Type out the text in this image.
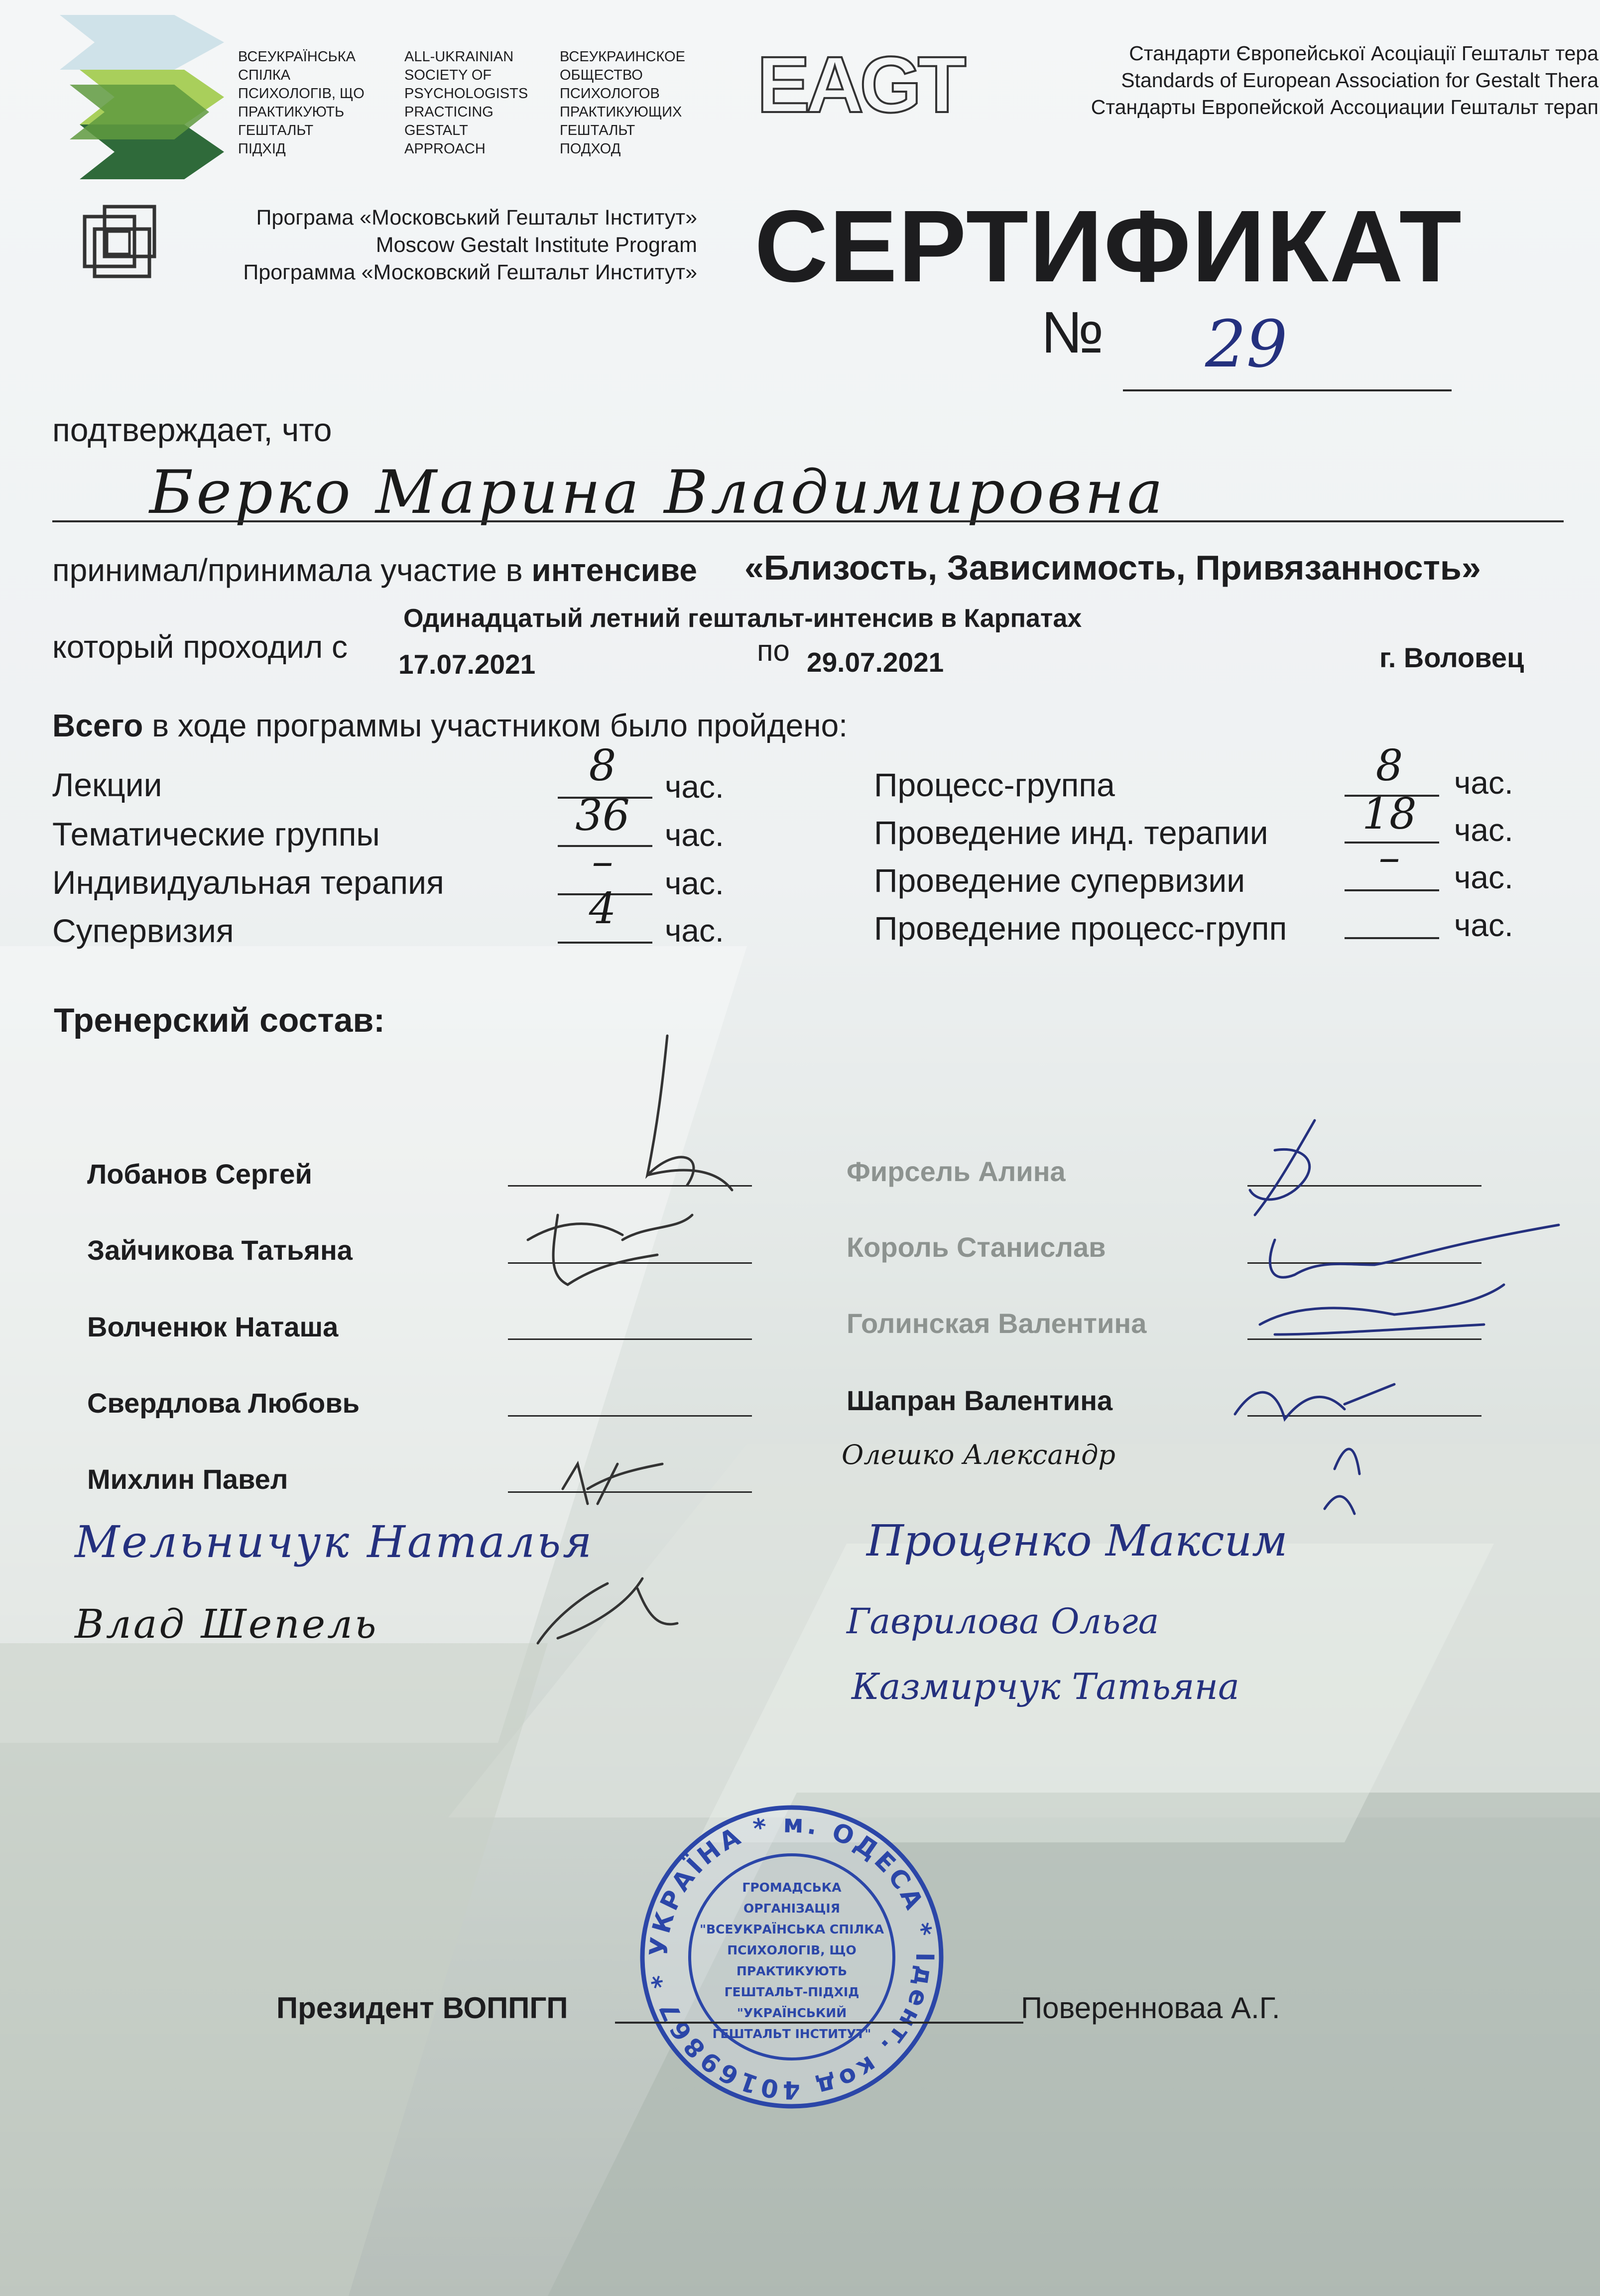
ВСЕУКРАЇНСЬКА
СПІЛКА
ПСИХОЛОГІВ, ЩО
ПРАКТИКУЮТЬ
ГЕШТАЛЬТ
ПІДХІД
ALL-UKRAINIAN
SOCIETY OF
PSYCHOLOGISTS
PRACTICING
GESTALT
APPROACH
ВСЕУКРАИНСКОЕ
ОБЩЕСТВО
ПСИХОЛОГОВ
ПРАКТИКУЮЩИХ
ГЕШТАЛЬТ
ПОДХОД
EAGT	Стандарти Європейської Асоціації Гештальт тера
Standards of European Association for Gestalt Thera
Стандарты Европейской Ассоциации Гештальт терап
Програма «Московський Гештальт Інститут»
Moscow Gestalt Institute Program
Программа «Московский Гештальт Институт» СЕРТИФИКАТ
№ 29
подтверждает, что
Берко Марина Владимировна
принимал/принимала участие в интенсиве «Близость, Зависимость, Привязанность»
Одинадцатый летний гештальт-интенсив в Карпатах
который проходил с 17.07.2021	по 29.07.2021	г. Воловец
Всего в ходе программы участником было пройдено:
Лекции	8	час.
Тематические группы	36	час.
Индивидуальная терапия	–	час.
Супервизия	4	час.
Процесс-группа	8	час.
Проведение инд. терапии	18	час.
Проведение супервизии	–	час.
Проведение процесс-групп	час.
Тренерский состав:
Лобанов Сергей
Зайчикова Татьяна
Волченюк Наташа
Свердлова Любовь
Михлин Павел
Фирсель Алина
Король Станислав
Голинская Валентина
Шапран Валентина
Олешко Александр
Мельничук Наталья	Проценко Максим
Влад Шепель	Гаврилова Ольга
Казмирчук Татьяна
УКРАЇНА * м. ОДЕСА * Ідент. код 40169867 *
ГРОМАДСЬКА
ОРГАНІЗАЦІЯ
"ВСЕУКРАЇНСЬКА СПІЛКА
ПСИХОЛОГІВ, ЩО ПРАКТИКУЮТЬ
ГЕШТАЛЬТ-ПІДХІД
"УКРАЇНСЬКИЙ
ГЕШТАЛЬТ ІНСТИТУТ"
Президент ВОППГП	Поверенноваа А.Г.
